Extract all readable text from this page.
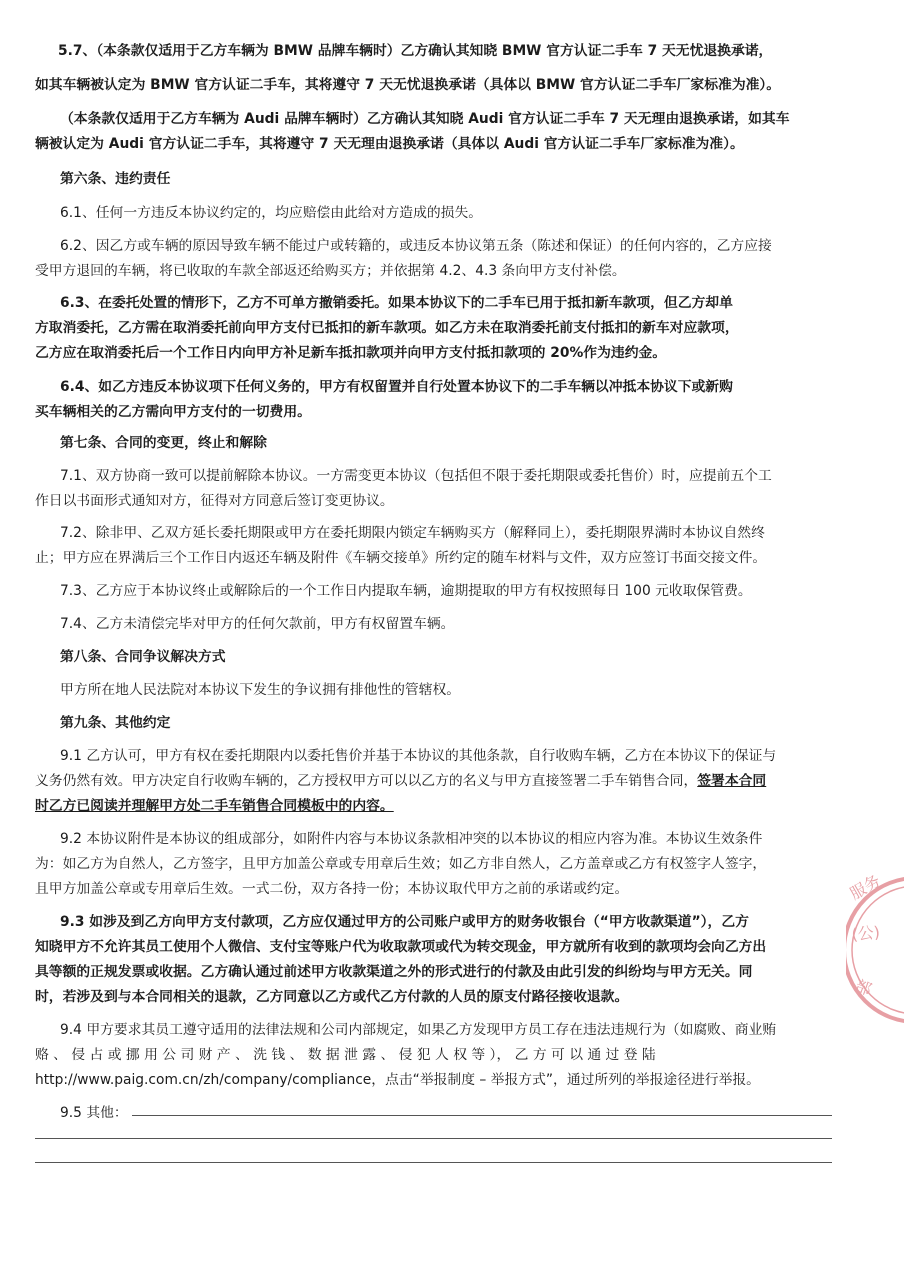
5.7、（本条款仅适用于乙方车辆为 BMW 品牌车辆时）乙方确认其知晓 BMW 官方认证二手车 7 天无忧退换承诺，

如其车辆被认定为 BMW 官方认证二手车，其将遵守 7 天无忧退换承诺（具体以 BMW 官方认证二手车厂家标准为准）。

（本条款仅适用于乙方车辆为 Audi 品牌车辆时）乙方确认其知晓 Audi 官方认证二手车 7 天无理由退换承诺，如其车

辆被认定为 Audi 官方认证二手车，其将遵守 7 天无理由退换承诺（具体以 Audi 官方认证二手车厂家标准为准）。

第六条、违约责任

6.1、任何一方违反本协议约定的，均应赔偿由此给对方造成的损失。

6.2、因乙方或车辆的原因导致车辆不能过户或转籍的，或违反本协议第五条（陈述和保证）的任何内容的，乙方应接

受甲方退回的车辆，将已收取的车款全部返还给购买方；并依据第 4.2、4.3 条向甲方支付补偿。

6.3、在委托处置的情形下，乙方不可单方撤销委托。如果本协议下的二手车已用于抵扣新车款项，但乙方却单

方取消委托，乙方需在取消委托前向甲方支付已抵扣的新车款项。如乙方未在取消委托前支付抵扣的新车对应款项，

乙方应在取消委托后一个工作日内向甲方补足新车抵扣款项并向甲方支付抵扣款项的 20%作为违约金。

6.4、如乙方违反本协议项下任何义务的，甲方有权留置并自行处置本协议下的二手车辆以冲抵本协议下或新购

买车辆相关的乙方需向甲方支付的一切费用。

第七条、合同的变更，终止和解除

7.1、双方协商一致可以提前解除本协议。一方需变更本协议（包括但不限于委托期限或委托售价）时，应提前五个工

作日以书面形式通知对方，征得对方同意后签订变更协议。

7.2、除非甲、乙双方延长委托期限或甲方在委托期限内锁定车辆购买方（解释同上），委托期限界满时本协议自然终

止；甲方应在界满后三个工作日内返还车辆及附件《车辆交接单》所约定的随车材料与文件，双方应签订书面交接文件。

7.3、乙方应于本协议终止或解除后的一个工作日内提取车辆，逾期提取的甲方有权按照每日 100 元收取保管费。

7.4、乙方未清偿完毕对甲方的任何欠款前，甲方有权留置车辆。

第八条、合同争议解决方式

甲方所在地人民法院对本协议下发生的争议拥有排他性的管辖权。

第九条、其他约定

9.1 乙方认可，甲方有权在委托期限内以委托售价并基于本协议的其他条款，自行收购车辆，乙方在本协议下的保证与

义务仍然有效。甲方决定自行收购车辆的，乙方授权甲方可以以乙方的名义与甲方直接签署二手车销售合同，签署本合同

时乙方已阅读并理解甲方处二手车销售合同模板中的内容。

9.2 本协议附件是本协议的组成部分，如附件内容与本协议条款相冲突的以本协议的相应内容为准。本协议生效条件

为：如乙方为自然人，乙方签字，且甲方加盖公章或专用章后生效；如乙方非自然人，乙方盖章或乙方有权签字人签字，

且甲方加盖公章或专用章后生效。一式二份，双方各持一份；本协议取代甲方之前的承诺或约定。

9.3 如涉及到乙方向甲方支付款项，乙方应仅通过甲方的公司账户或甲方的财务收银台（“甲方收款渠道”），乙方

知晓甲方不允许其员工使用个人微信、支付宝等账户代为收取款项或代为转交现金，甲方就所有收到的款项均会向乙方出

具等额的正规发票或收据。乙方确认通过前述甲方收款渠道之外的形式进行的付款及由此引发的纠纷均与甲方无关。同

时，若涉及到与本合同相关的退款，乙方同意以乙方或代乙方付款的人员的原支付路径接收退款。

9.4 甲方要求其员工遵守适用的法律法规和公司内部规定，如果乙方发现甲方员工存在违法违规行为（如腐败、商业贿

赂 、 侵 占 或 挪 用 公 司 财 产 、 洗 钱 、 数 据 泄 露 、 侵 犯 人 权 等 ）， 乙 方 可 以 通 过 登 陆

http://www.paig.com.cn/zh/company/compliance，点击“举报制度 – 举报方式”，通过所列的举报途径进行举报。

9.5 其他：

服务
(公)
部
